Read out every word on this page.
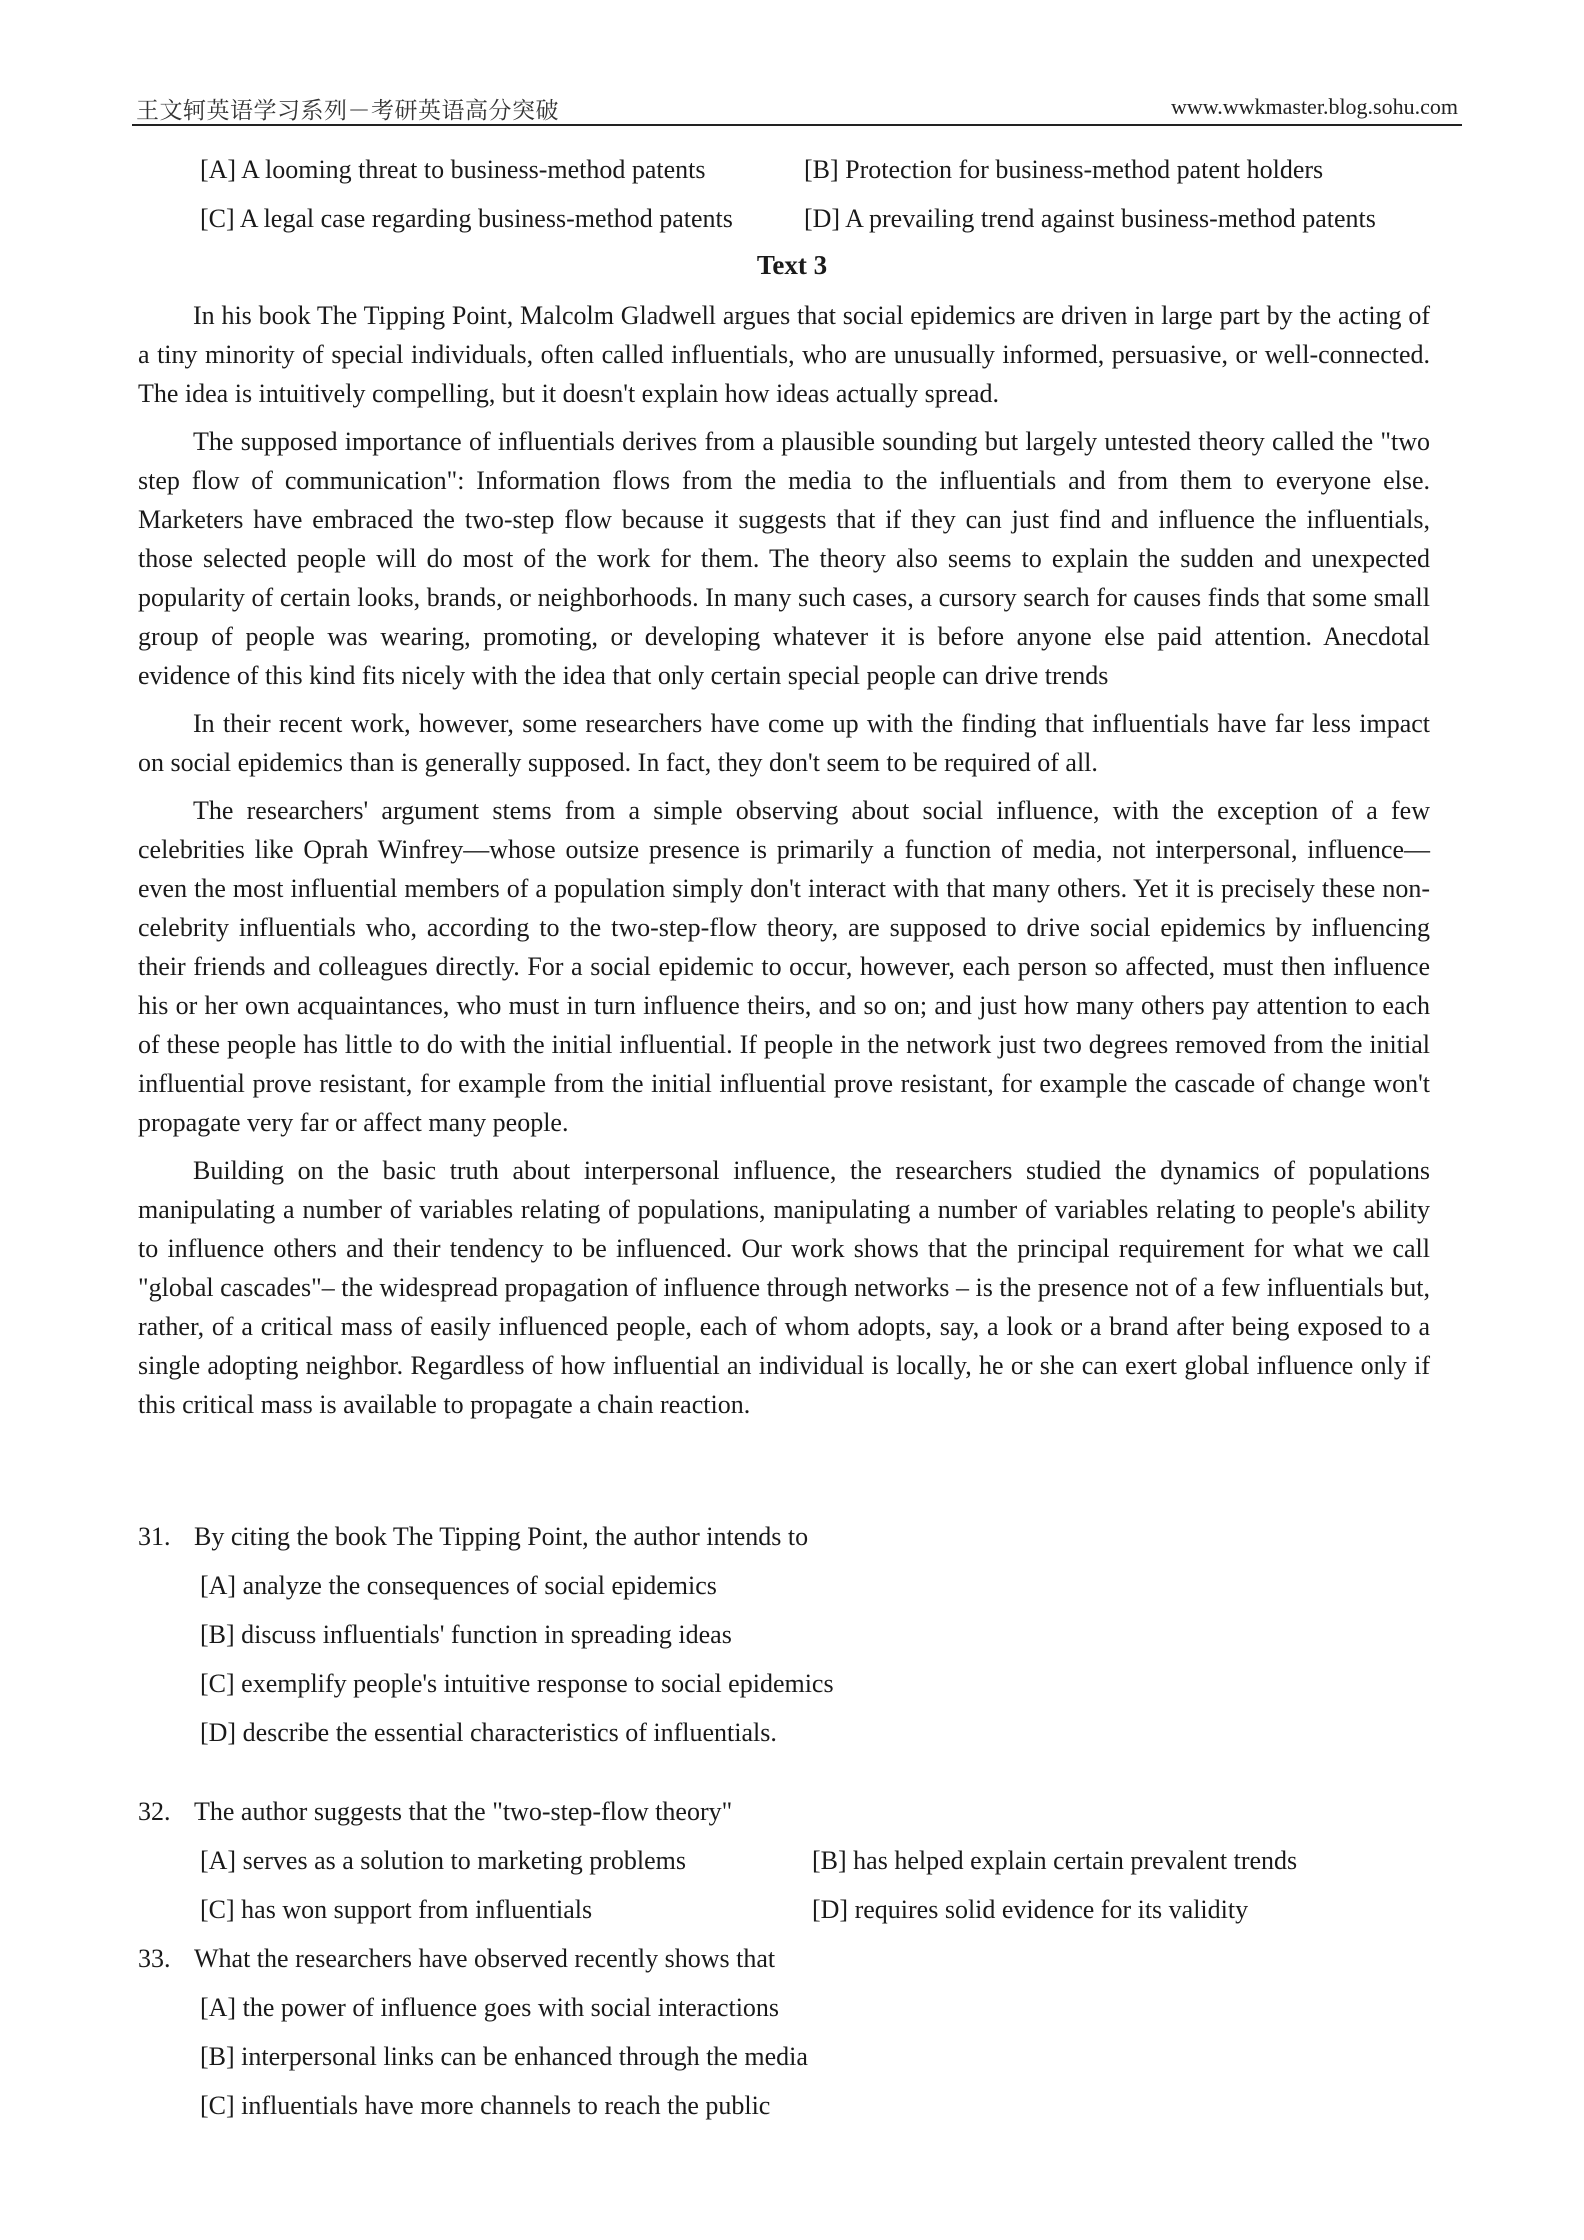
王文轲英语学习系列－考研英语高分突破	www.wwkmaster.blog.sohu.com
[A] A looming threat to business-method patents	[B] Protection for business-method patent holders
[C] A legal case regarding business-method patents	[D] A prevailing trend against business-method patents
Text 3

In his book The Tipping Point, Malcolm Gladwell argues that social epidemics are driven in large part by the acting of a tiny minority of special individuals, often called influentials, who are unusually informed, persuasive, or well-connected. The idea is intuitively compelling, but it doesn't explain how ideas actually spread.

The supposed importance of influentials derives from a plausible sounding but largely untested theory called the "two step flow of communication": Information flows from the media to the influentials and from them to everyone else. Marketers have embraced the two-step flow because it suggests that if they can just find and influence the influentials, those selected people will do most of the work for them. The theory also seems to explain the sudden and unexpected popularity of certain looks, brands, or neighborhoods. In many such cases, a cursory search for causes finds that some small group of people was wearing, promoting, or developing whatever it is before anyone else paid attention. Anecdotal evidence of this kind fits nicely with the idea that only certain special people can drive trends

In their recent work, however, some researchers have come up with the finding that influentials have far less impact on social epidemics than is generally supposed. In fact, they don't seem to be required of all.

The researchers' argument stems from a simple observing about social influence, with the exception of a few celebrities like Oprah Winfrey—whose outsize presence is primarily a function of media, not interpersonal, influence—even the most influential members of a population simply don't interact with that many others. Yet it is precisely these non-celebrity influentials who, according to the two-step-flow theory, are supposed to drive social epidemics by influencing their friends and colleagues directly. For a social epidemic to occur, however, each person so affected, must then influence his or her own acquaintances, who must in turn influence theirs, and so on; and just how many others pay attention to each of these people has little to do with the initial influential. If people in the network just two degrees removed from the initial influential prove resistant, for example from the initial influential prove resistant, for example the cascade of change won't propagate very far or affect many people.

Building on the basic truth about interpersonal influence, the researchers studied the dynamics of populations manipulating a number of variables relating of populations, manipulating a number of variables relating to people's ability to influence others and their tendency to be influenced. Our work shows that the principal requirement for what we call "global cascades"– the widespread propagation of influence through networks – is the presence not of a few influentials but, rather, of a critical mass of easily influenced people, each of whom adopts, say, a look or a brand after being exposed to a single adopting neighbor. Regardless of how influential an individual is locally, he or she can exert global influence only if this critical mass is available to propagate a chain reaction.

31. By citing the book The Tipping Point, the author intends to
[A] analyze the consequences of social epidemics
[B] discuss influentials' function in spreading ideas
[C] exemplify people's intuitive response to social epidemics
[D] describe the essential characteristics of influentials.
32. The author suggests that the "two-step-flow theory"
[A] serves as a solution to marketing problems	[B] has helped explain certain prevalent trends
[C] has won support from influentials	[D] requires solid evidence for its validity
33. What the researchers have observed recently shows that
[A] the power of influence goes with social interactions
[B] interpersonal links can be enhanced through the media
[C] influentials have more channels to reach the public
